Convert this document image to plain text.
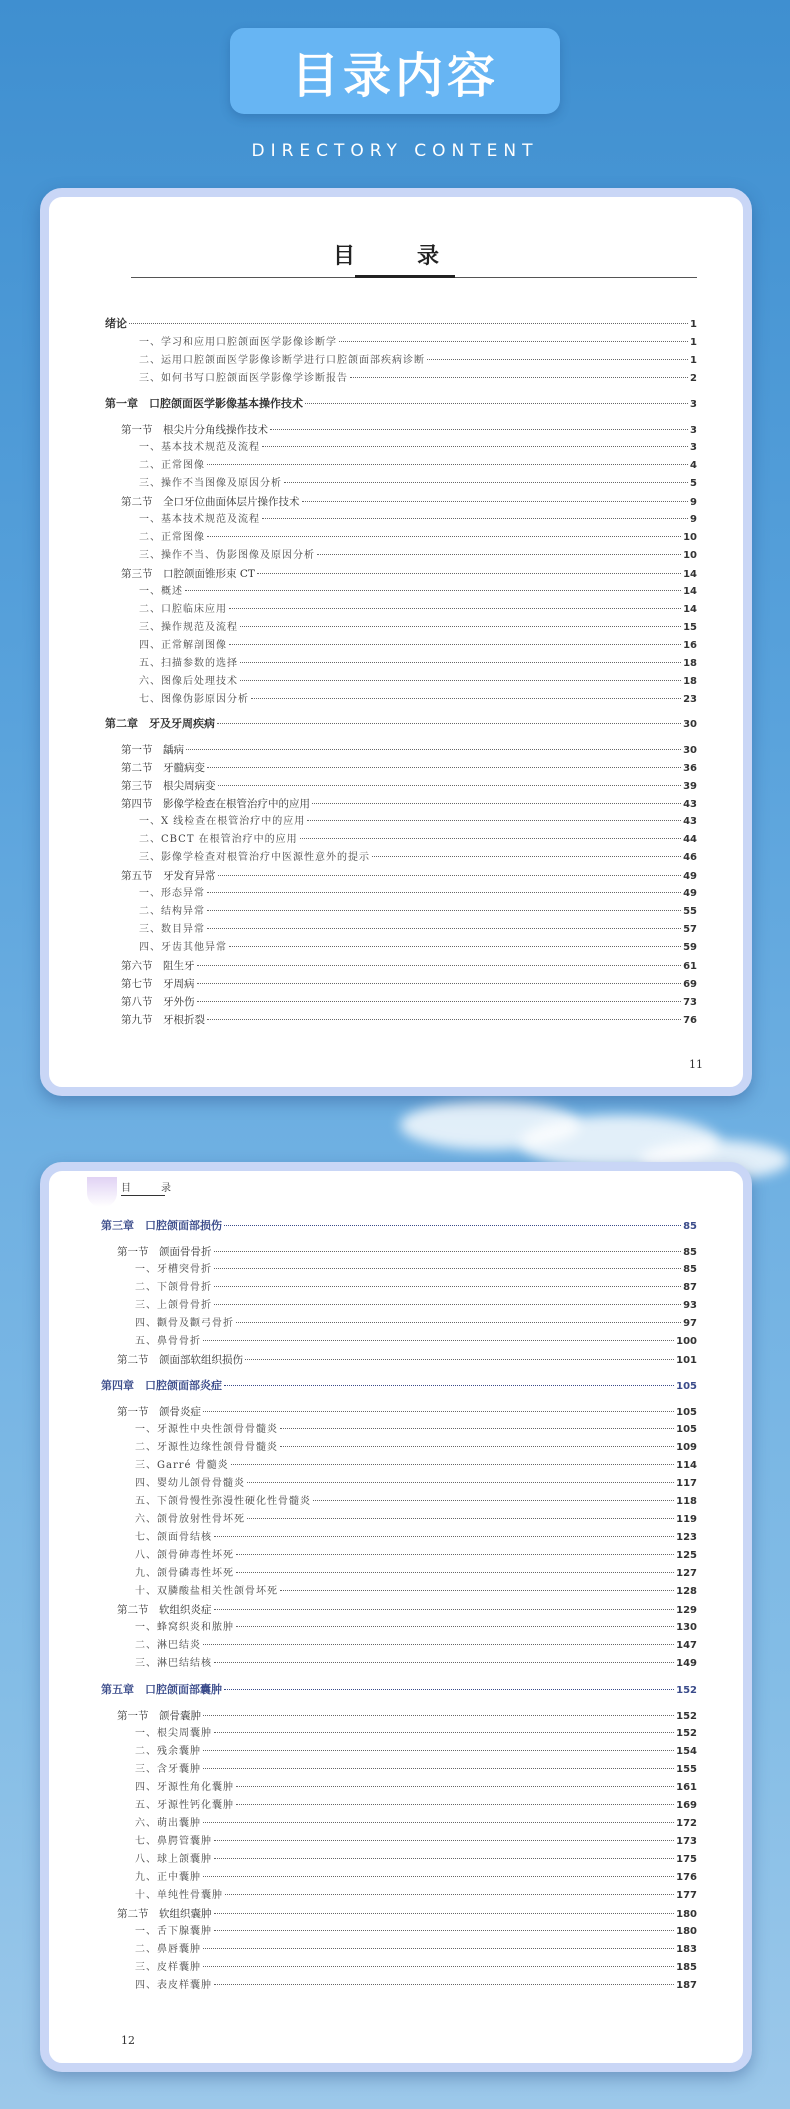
目录内容
DIRECTORY CONTENT
目　录
绪论	1
一、学习和应用口腔颌面医学影像诊断学	1
二、运用口腔颌面医学影像诊断学进行口腔颌面部疾病诊断	1
三、如何书写口腔颌面医学影像学诊断报告	2
第一章　口腔颌面医学影像基本操作技术	3
第一节　根尖片分角线操作技术	3
一、基本技术规范及流程	3
二、正常图像	4
三、操作不当图像及原因分析	5
第二节　全口牙位曲面体层片操作技术	9
一、基本技术规范及流程	9
二、正常图像	10
三、操作不当、伪影图像及原因分析	10
第三节　口腔颌面锥形束 CT	14
一、概述	14
二、口腔临床应用	14
三、操作规范及流程	15
四、正常解剖图像	16
五、扫描参数的选择	18
六、图像后处理技术	18
七、图像伪影原因分析	23
第二章　牙及牙周疾病	30
第一节　龋病	30
第二节　牙髓病变	36
第三节　根尖周病变	39
第四节　影像学检查在根管治疗中的应用	43
一、X 线检查在根管治疗中的应用	43
二、CBCT 在根管治疗中的应用	44
三、影像学检查对根管治疗中医源性意外的提示	46
第五节　牙发育异常	49
一、形态异常	49
二、结构异常	55
三、数目异常	57
四、牙齿其他异常	59
第六节　阻生牙	61
第七节　牙周病	69
第八节　牙外伤	73
第九节　牙根折裂	76
11
目　录
第三章　口腔颌面部损伤	85
第一节　颌面骨骨折	85
一、牙槽突骨折	85
二、下颌骨骨折	87
三、上颌骨骨折	93
四、颧骨及颧弓骨折	97
五、鼻骨骨折	100
第二节　颌面部软组织损伤	101
第四章　口腔颌面部炎症	105
第一节　颌骨炎症	105
一、牙源性中央性颌骨骨髓炎	105
二、牙源性边缘性颌骨骨髓炎	109
三、Garré 骨髓炎	114
四、婴幼儿颌骨骨髓炎	117
五、下颌骨慢性弥漫性硬化性骨髓炎	118
六、颌骨放射性骨坏死	119
七、颌面骨结核	123
八、颌骨砷毒性坏死	125
九、颌骨磷毒性坏死	127
十、双膦酸盐相关性颌骨坏死	128
第二节　软组织炎症	129
一、蜂窝织炎和脓肿	130
二、淋巴结炎	147
三、淋巴结结核	149
第五章　口腔颌面部囊肿	152
第一节　颌骨囊肿	152
一、根尖周囊肿	152
二、残余囊肿	154
三、含牙囊肿	155
四、牙源性角化囊肿	161
五、牙源性钙化囊肿	169
六、萌出囊肿	172
七、鼻腭管囊肿	173
八、球上颌囊肿	175
九、正中囊肿	176
十、单纯性骨囊肿	177
第二节　软组织囊肿	180
一、舌下腺囊肿	180
二、鼻唇囊肿	183
三、皮样囊肿	185
四、表皮样囊肿	187
12
